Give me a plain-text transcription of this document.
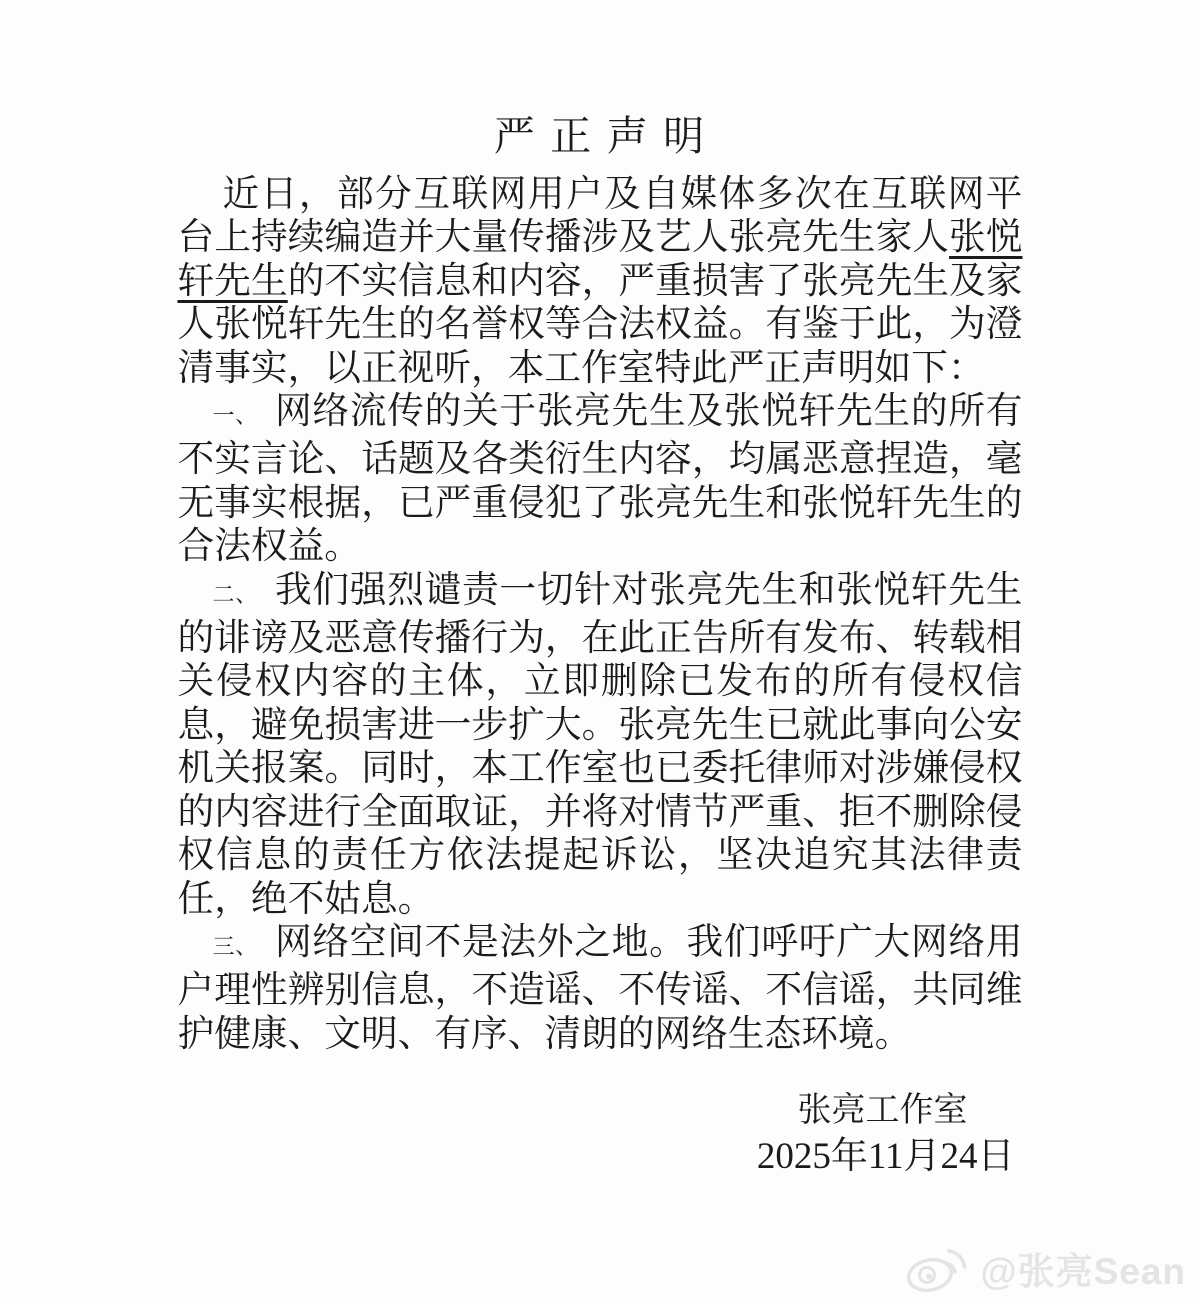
严 正 声 明

近日，部分互联网用户及自媒体多次在互联网平台上持续编造并大量传播涉及艺人张亮先生家人张悦轩先生的不实信息和内容，严重损害了张亮先生及家人张悦轩先生的名誉权等合法权益。有鉴于此，为澄清事实，以正视听，本工作室特此严正声明如下：

一、 网络流传的关于张亮先生及张悦轩先生的所有不实言论、话题及各类衍生内容，均属恶意捏造，毫无事实根据，已严重侵犯了张亮先生和张悦轩先生的合法权益。

二、 我们强烈谴责一切针对张亮先生和张悦轩先生的诽谤及恶意传播行为，在此正告所有发布、转载相关侵权内容的主体，立即删除已发布的所有侵权信息，避免损害进一步扩大。张亮先生已就此事向公安机关报案。同时，本工作室也已委托律师对涉嫌侵权的内容进行全面取证，并将对情节严重、拒不删除侵权信息的责任方依法提起诉讼，坚决追究其法律责任，绝不姑息。

三、 网络空间不是法外之地。我们呼吁广大网络用户理性辨别信息，不造谣、不传谣、不信谣，共同维护健康、文明、有序、清朗的网络生态环境。

张亮工作室
2025年11月24日
@张亮Sean
